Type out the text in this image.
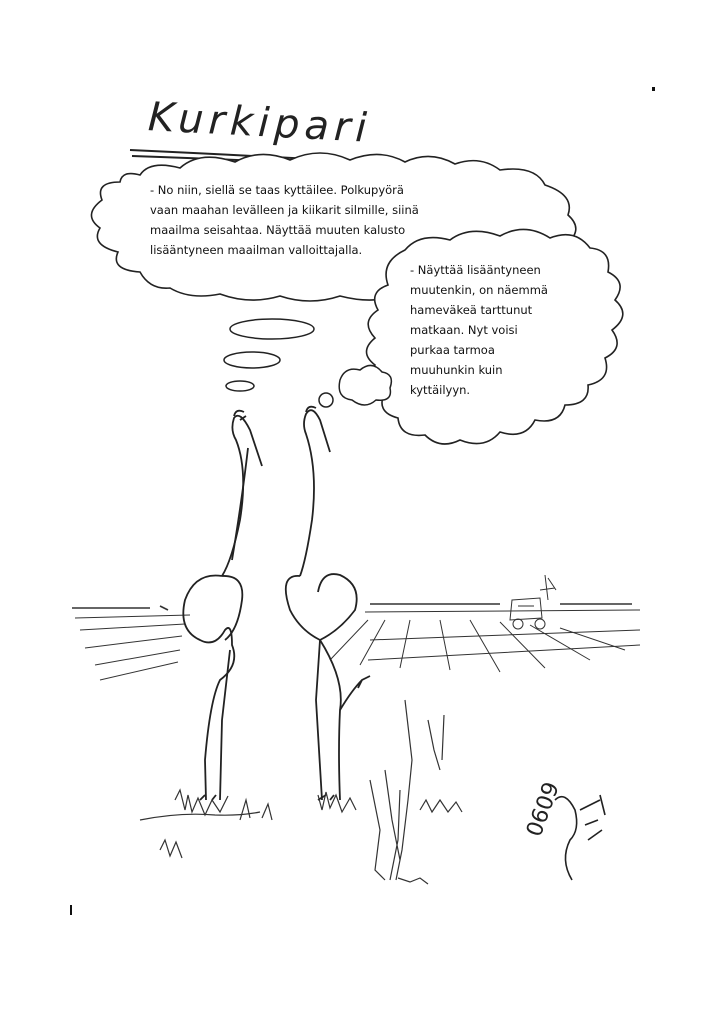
0609
Kurkipari
- No niin, siellä se taas kyttäilee. Polkupyörä
vaan maahan levälleen ja kiikarit silmille, siinä
maailma seisahtaa. Näyttää muuten kalusto
lisääntyneen maailman valloittajalla.
- Näyttää lisääntyneen
muutenkin, on näemmä
hameväkeä tarttunut
matkaan. Nyt voisi
purkaa tarmoa
muuhunkin kuin
kyttäilyyn.
